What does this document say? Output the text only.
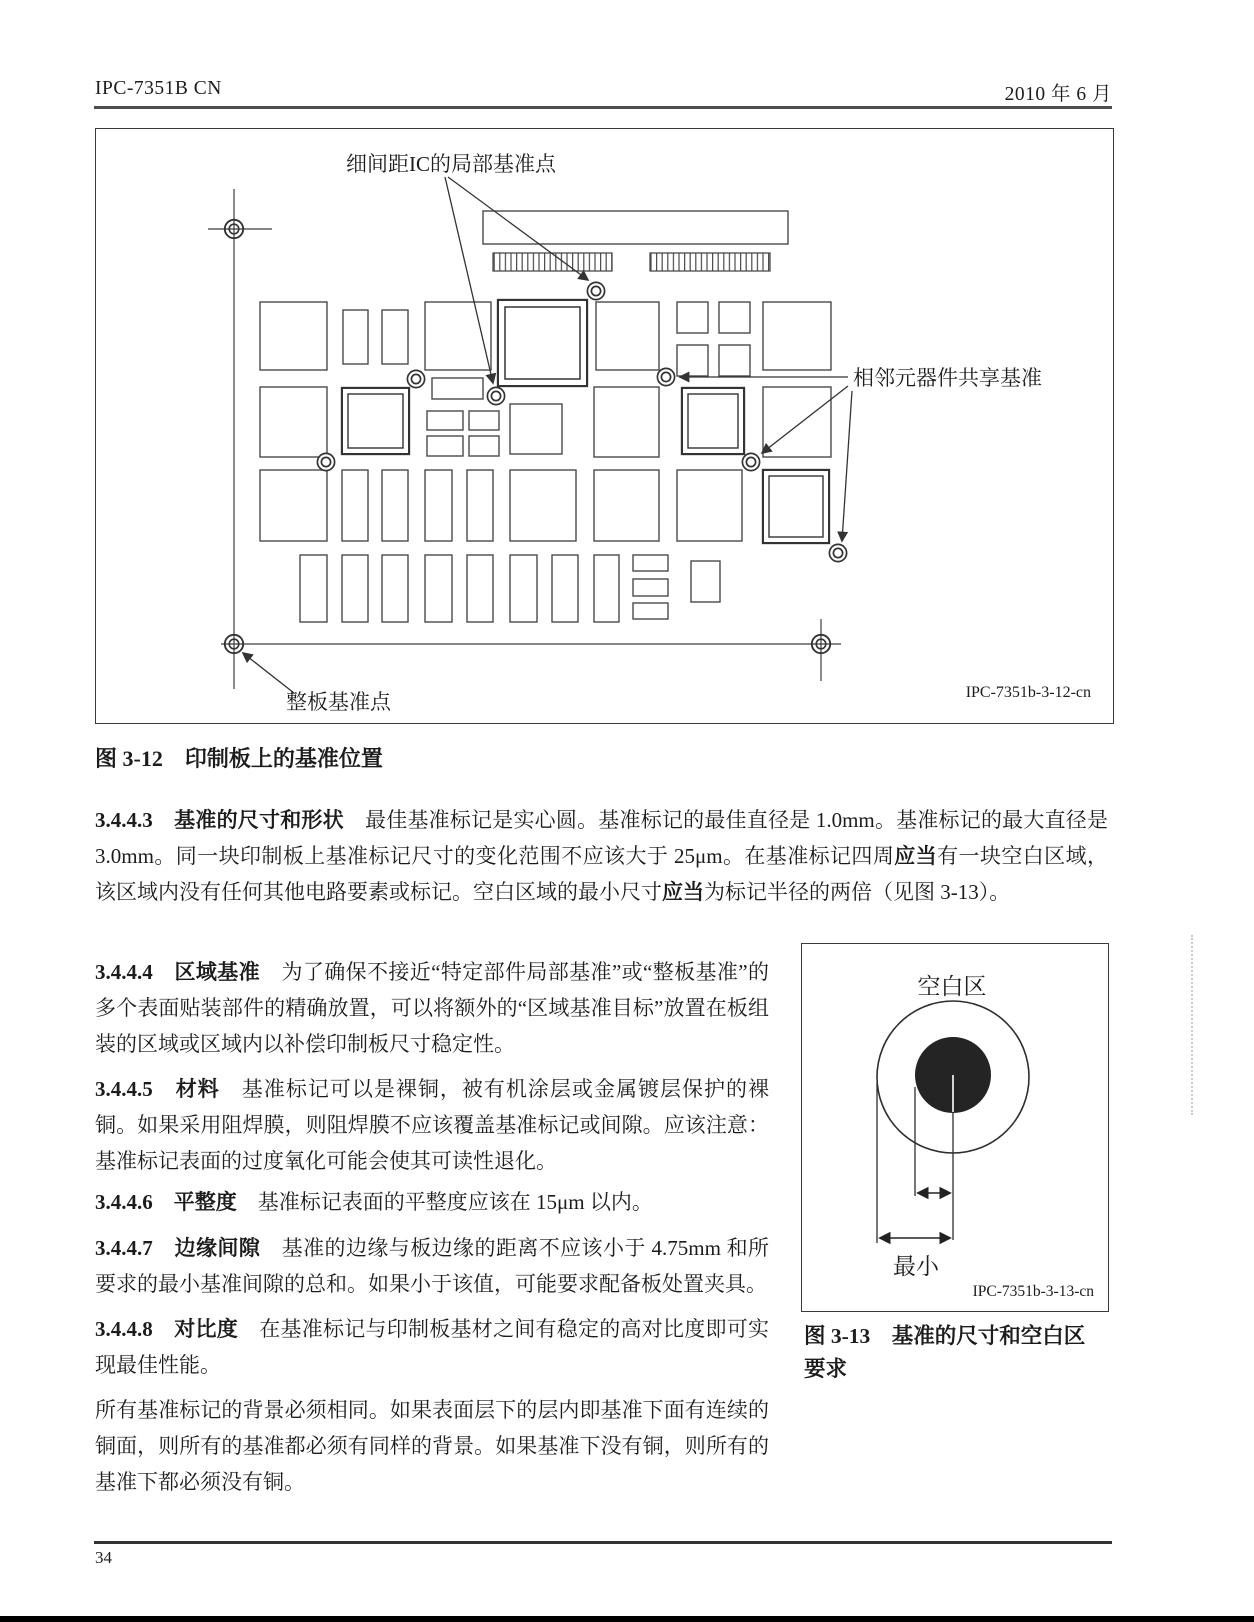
IPC-7351B CN	2010 年 6 月
细间距IC的局部基准点
相邻元器件共享基准
整板基准点	IPC-7351b-3-12-cn
图 3-12　印制板上的基准位置

3.4.4.3　基准的尺寸和形状　最佳基准标记是实心圆。基准标记的最佳直径是 1.0mm。基准标记的最大直径是 3.0mm。同一块印制板上基准标记尺寸的变化范围不应该大于 25μm。在基准标记四周应当有一块空白区域，该区域内没有任何其他电路要素或标记。空白区域的最小尺寸应当为标记半径的两倍（见图 3-13）。

3.4.4.4　区域基准　为了确保不接近“特定部件局部基准”或“整板基准”的多个表面贴装部件的精确放置，可以将额外的“区域基准目标”放置在板组装的区域或区域内以补偿印制板尺寸稳定性。

3.4.4.5　材料　基准标记可以是裸铜，被有机涂层或金属镀层保护的裸铜。如果采用阻焊膜，则阻焊膜不应该覆盖基准标记或间隙。应该注意：基准标记表面的过度氧化可能会使其可读性退化。

3.4.4.6　平整度　基准标记表面的平整度应该在 15μm 以内。

3.4.4.7　边缘间隙　基准的边缘与板边缘的距离不应该小于 4.75mm 和所要求的最小基准间隙的总和。如果小于该值，可能要求配备板处置夹具。

3.4.4.8　对比度　在基准标记与印制板基材之间有稳定的高对比度即可实现最佳性能。

所有基准标记的背景必须相同。如果表面层下的层内即基准下面有连续的铜面，则所有的基准都必须有同样的背景。如果基准下没有铜，则所有的基准下都必须没有铜。

空白区
最小
IPC-7351b-3-13-cn
图 3-13　基准的尺寸和空白区
要求
34
